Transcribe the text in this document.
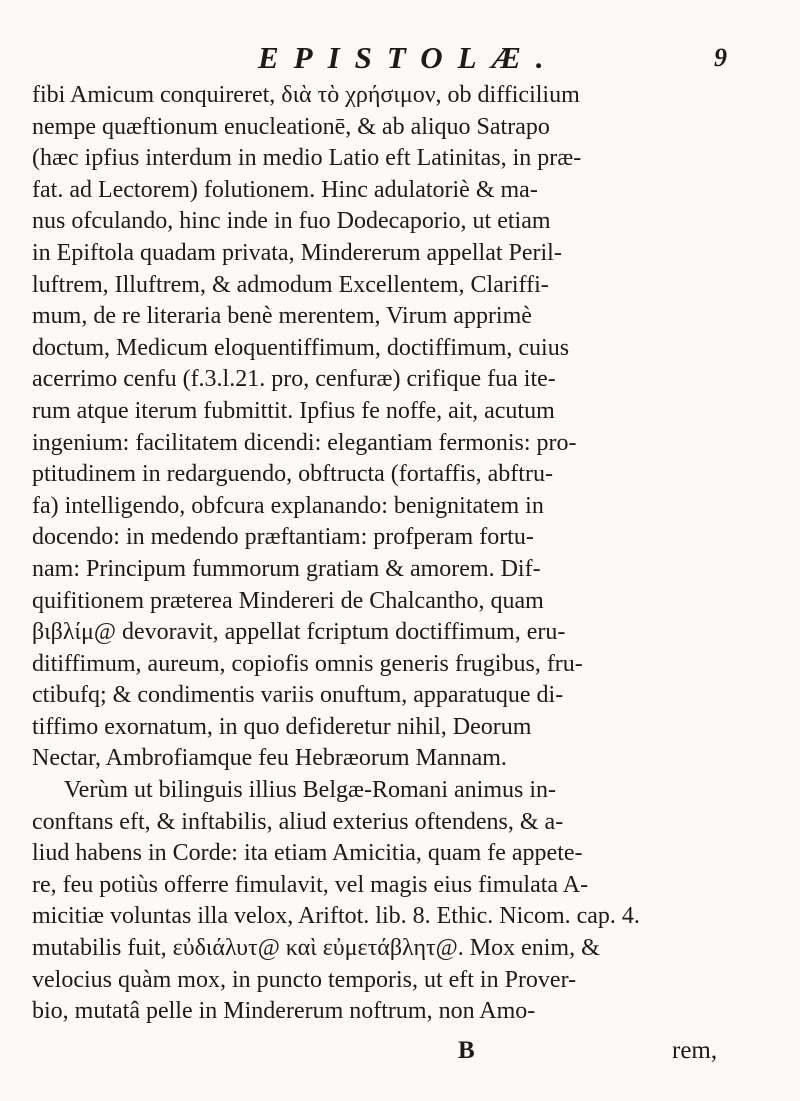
EPISTOLÆ.	9
fibi Amicum conquireret, διὰ τὸ χρήσιμον, ob difficilium
nempe quæftionum enucleationē, & ab aliquo Satrapo
(hæc ipfius interdum in medio Latio eft Latinitas, in præ-
fat. ad Lectorem) folutionem. Hinc adulatoriè & ma-
nus ofculando, hinc inde in fuo Dodecaporio, ut etiam
in Epiftola quadam privata, Mindererum appellat Peril-
luftrem, Illuftrem, & admodum Excellentem, Clariffi-
mum, de re literaria benè merentem, Virum apprimè
doctum, Medicum eloquentiffimum, doctiffimum, cuius
acerrimo cenfu (f.3.l.21. pro, cenfuræ) crifique fua ite-
rum atque iterum fubmittit. Ipfius fe noffe, ait, acutum
ingenium: facilitatem dicendi: elegantiam fermonis: pro-
ptitudinem in redarguendo, obftructa (fortaffis, abftru-
fa) intelligendo, obfcura explanando: benignitatem in
docendo: in medendo præftantiam: profperam fortu-
nam: Principum fummorum gratiam & amorem. Dif-
quifitionem præterea Mindereri de Chalcantho, quam
βιβλίμ@ devoravit, appellat fcriptum doctiffimum, eru-
ditiffimum, aureum, copiofis omnis generis frugibus, fru-
ctibufq; & condimentis variis onuftum, apparatuque di-
tiffimo exornatum, in quo defideretur nihil, Deorum
Nectar, Ambrofiamque feu Hebræorum Mannam.
Verùm ut bilinguis illius Belgæ-Romani animus in-
conftans eft, & inftabilis, aliud exterius oftendens, & a-
liud habens in Corde: ita etiam Amicitia, quam fe appete-
re, feu potiùs offerre fimulavit, vel magis eius fimulata A-
micitiæ voluntas illa velox, Ariftot. lib. 8. Ethic. Nicom. cap. 4.
mutabilis fuit, εὐδιάλυτ@ καὶ εὐμετάβλητ@. Mox enim, &
velocius quàm mox, in puncto temporis, ut eft in Prover-
bio, mutatâ pelle in Mindererum noftrum, non Amo-
B	rem,
